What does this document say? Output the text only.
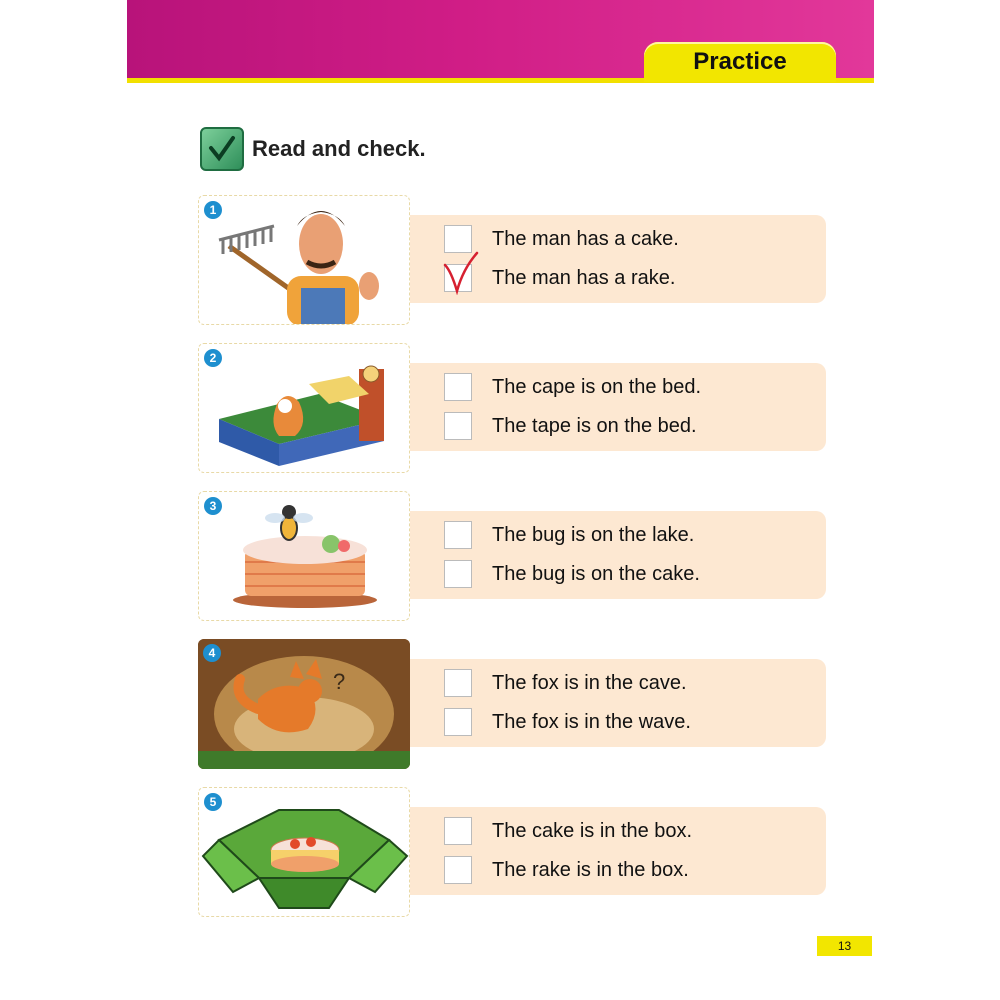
Practice
Read and check.
1
The man has a cake.
The man has a rake.
2
The cape is on the bed.
The tape is on the bed.
3
The bug is on the lake.
The bug is on the cake.
4
?	The fox is in the cave.
The fox is in the wave.
5
The cake is in the box.
The rake is in the box.
13
